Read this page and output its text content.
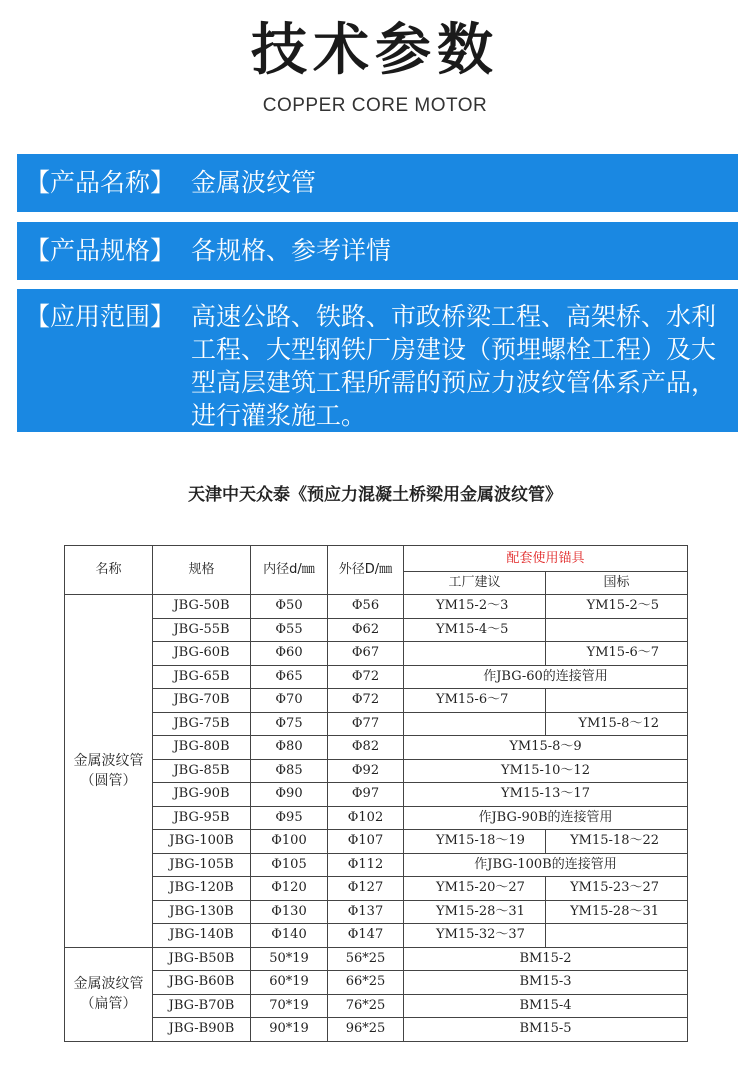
技术参数
COPPER CORE MOTOR
【产品名称】 金属波纹管
【产品规格】 各规格、参考详情
【应用范围】 高速公路、铁路、市政桥梁工程、高架桥、水利工程、大型钢铁厂房建设（预埋螺栓工程）及大型高层建筑工程所需的预应力波纹管体系产品，进行灌浆施工。
天津中天众泰《预应力混凝土桥梁用金属波纹管》
名称	规格	内径d/㎜	外径D/㎜	配套使用锚具	
				工厂建议	国标
金属波纹管
（圆管）	JBG-50B	Φ50	Φ56	YM15-2～3	YM15-2～5
	JBG-55B	Φ55	Φ62	YM15-4～5	
	JBG-60B	Φ60	Φ67		YM15-6～7
	JBG-65B	Φ65	Φ72	作JBG-60的连接管用	
	JBG-70B	Φ70	Φ72	YM15-6～7	
	JBG-75B	Φ75	Φ77		YM15-8～12
	JBG-80B	Φ80	Φ82	YM15-8～9	
	JBG-85B	Φ85	Φ92	YM15-10～12	
	JBG-90B	Φ90	Φ97	YM15-13～17	
	JBG-95B	Φ95	Φ102	作JBG-90B的连接管用	
	JBG-100B	Φ100	Φ107	YM15-18～19	YM15-18～22
	JBG-105B	Φ105	Φ112	作JBG-100B的连接管用	
	JBG-120B	Φ120	Φ127	YM15-20～27	YM15-23～27
	JBG-130B	Φ130	Φ137	YM15-28～31	YM15-28～31
	JBG-140B	Φ140	Φ147	YM15-32～37	
金属波纹管
（扁管）	JBG-B50B	50*19	56*25	BM15-2	
	JBG-B60B	60*19	66*25	BM15-3	
	JBG-B70B	70*19	76*25	BM15-4	
	JBG-B90B	90*19	96*25	BM15-5	
